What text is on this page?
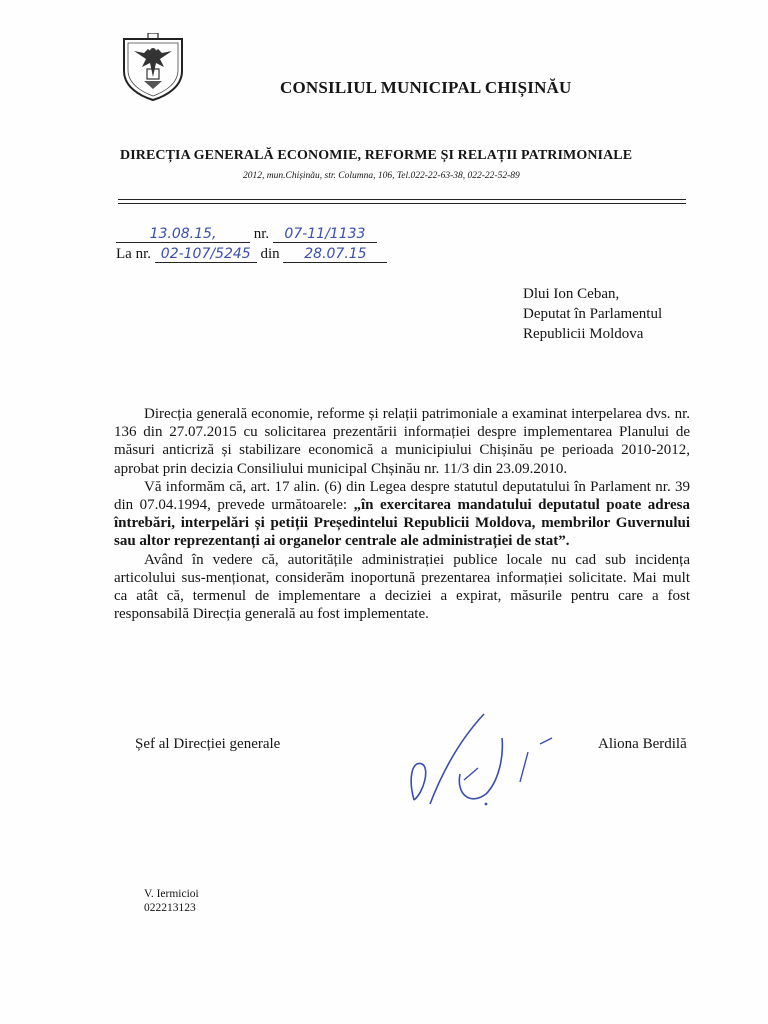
CONSILIUL MUNICIPAL CHIȘINĂU
DIRECȚIA GENERALĂ ECONOMIE, REFORME ȘI RELAȚII PATRIMONIALE
2012, mun.Chișinău, str. Columna, 106, Tel.022-22-63-38, 022-22-52-89
13.08.15, nr. 07-11/1133
La nr. 02-107/5245 din 28.07.15
Dlui Ion Ceban,
Deputat în Parlamentul
Republicii Moldova

Direcția generală economie, reforme și relații patrimoniale a examinat interpelarea dvs. nr. 136 din 27.07.2015 cu solicitarea prezentării informației despre implementarea Planului de măsuri anticriză și stabilizare economică a municipiului Chișinău pe perioada 2010-2012, aprobat prin decizia Consiliului municipal Chșinău nr. 11/3 din 23.09.2010.

Vă informăm că, art. 17 alin. (6) din Legea despre statutul deputatului în Parlament nr. 39 din 07.04.1994, prevede următoarele: „în exercitarea mandatului deputatul poate adresa întrebări, interpelări și petiții Președintelui Republicii Moldova, membrilor Guvernului sau altor reprezentanți ai organelor centrale ale administrației de stat”.

Având în vedere că, autoritățile administrației publice locale nu cad sub incidența articolului sus-menționat, considerăm inoportună prezentarea informației solicitate. Mai mult ca atât că, termenul de implementare a deciziei a expirat, măsurile pentru care a fost responsabilă Direcția generală au fost implementate.

Șef al Direcției generale	Aliona Berdilă
V. Iermicioi
022213123
